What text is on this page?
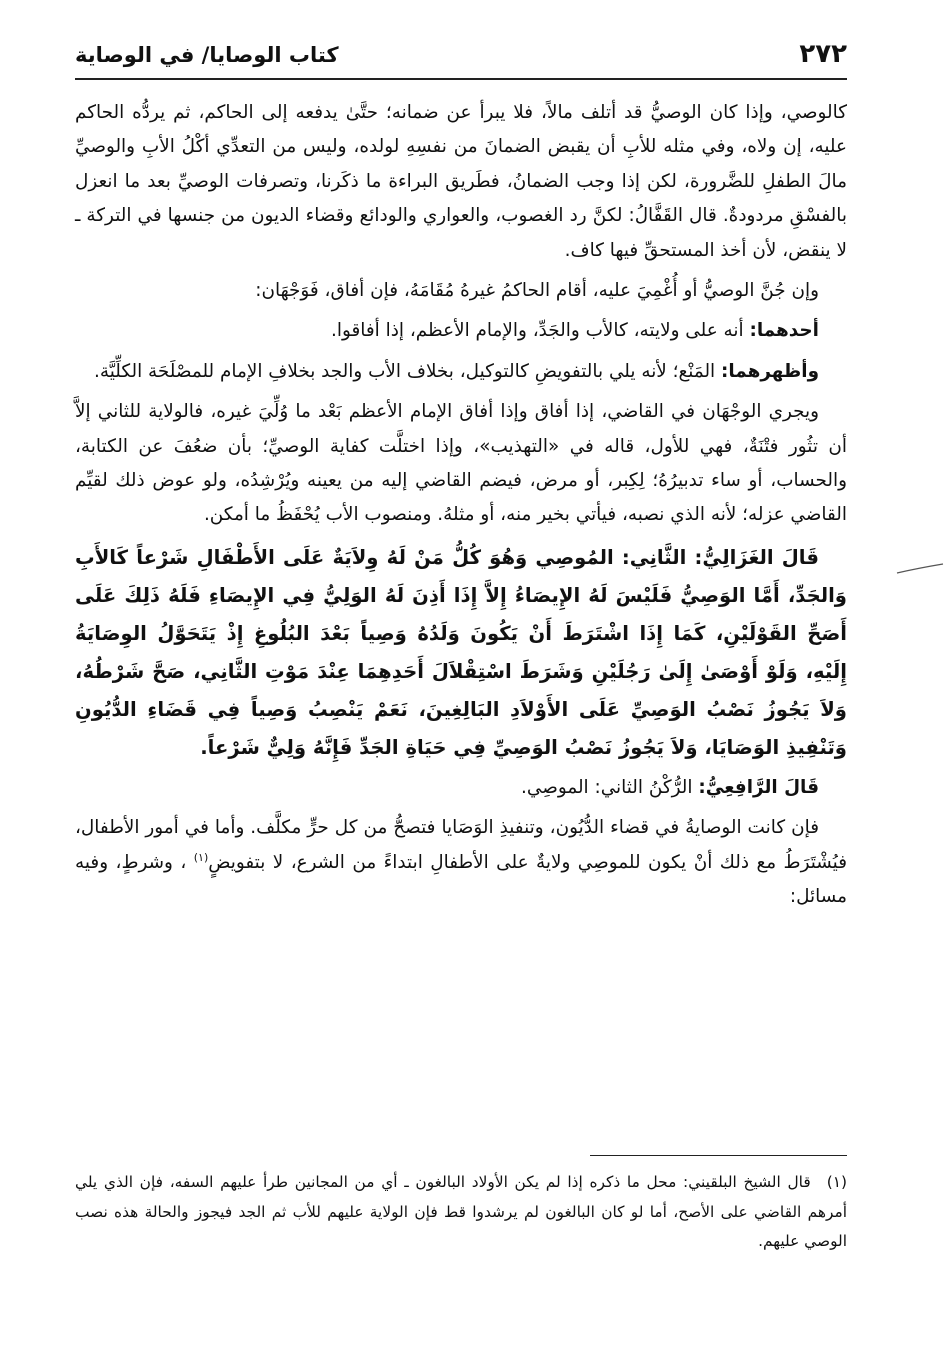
٢٧٢
كتاب الوصايا/ في الوصاية

كالوصي، وإذا كان الوصيُّ قد أتلف مالاً، فلا يبرأ عن ضمانه؛ حتَّىٰ يدفعه إلى الحاكم، ثم يردُّه الحاكم عليه، إن ولاه، وفي مثله للأبِ أن يقبض الضمانَ من نفسِهِ لولده، وليس من التعدِّي أكْلُ الأبِ والوصيِّ مالَ الطفلِ للضَّرورة، لكن إذا وجب الضمانُ، فطَريق البراءة ما ذكَرنا، وتصرفات الوصيِّ بعد ما انعزل بالفسْقِ مردودةٌ. قال القَفَّالُ: لكنَّ رد الغصوب، والعواري والودائع وقضاء الديون من جنسها في التركة ـ لا ينقض، لأن أخذ المستحقِّ فيها كاف.

وإن جُنَّ الوصيُّ أو أُغْمِيَ عليه، أقام الحاكمُ غيرهُ مُقَامَهُ، فإن أفاق، فَوَجْهَان:

أحدهما: أنه على ولايته، كالأب والجَدِّ، والإمام الأعظم، إذا أفاقوا.

وأظهرهما: المَنْع؛ لأنه يلي بالتفويضِ كالتوكيل، بخلاف الأب والجد بخلافِ الإمام للمصْلَحَة الكلِّيَّة.

ويجري الوجْهَان في القاضي، إذا أفاق وإذا أفاق الإمام الأعظم بَعْد ما وُلِّيَ غيره، فالولاية للثاني إلاَّ أن تثُور فتْنَةٌ، فهي للأول، قاله في «التهذيب»، وإذا اختلَّت كفاية الوصيِّ؛ بأن ضعُفَ عن الكتابة، والحساب، أو ساء تدبيرُهُ؛ لِكِبر، أو مرض، فيضم القاضي إليه من يعينه ويُرْشِدُه، ولو عوض ذلك لقيِّم القاضي عزله؛ لأنه الذي نصبه، فيأتي بخير منه، أو مثلهُ. ومنصوب الأب يُحْفَظُ ما أمكن.

قَالَ الغَزَالِيُّ: الثَّانِي: المُوصِي وَهُوَ كُلُّ مَنْ لَهُ وِلاَيَةٌ عَلَى الأَطْفَالِ شَرْعاً كَالأَبِ وَالجَدِّ، أَمَّا الوَصِيُّ فَلَيْسَ لَهُ الإِيصَاءُ إِلاَّ إِذَا أَذِنَ لَهُ الوَلِيُّ فِي الإِيصَاءِ فَلَهُ ذَلِكَ عَلَى أَصَحِّ القَوْلَيْنِ، كَمَا إِذَا اشْتَرَطَ أَنْ يَكُونَ وَلَدُهُ وَصِياً بَعْدَ البُلُوغِ إِذْ يَتَحَوَّلُ الوِصَايَةُ إِلَيْهِ، وَلَوْ أَوْصَىٰ إِلَىٰ رَجُلَيْنِ وَشَرَطَ اسْتِقْلاَلَ أَحَدِهِمَا عِنْدَ مَوْتِ الثَّانِي، صَحَّ شَرْطُهُ، وَلاَ يَجُوزُ نَصْبُ الوَصِيِّ عَلَى الأَوْلاَدِ البَالِغِينَ، نَعَمْ يَنْصِبُ وَصِياً فِي قَضَاءِ الدُّيُونِ وَتَنْفِيذِ الوَصَايَا، وَلاَ يَجُوزُ نَصْبُ الوَصِيِّ فِي حَيَاةِ الجَدِّ فَإِنَّهُ وَلِيٌّ شَرْعاً.

قَالَ الرَّافِعِيُّ: الرُّكْنُ الثاني: الموصِي.

فإن كانت الوصايةُ في قضاء الدُّيُون، وتنفيذِ الوَصَايا فتصحُّ من كل حرٍّ مكلَّف. وأما في أمور الأطفال، فيُشْتَرَطُ مع ذلك أنْ يكون للموصِي ولايةٌ على الأطفالِ ابتداءً من الشرع، لا بتفويضٍ$^{(١)}$ ، وشرطٍ، وفيه مسائل:

(١)قال الشيخ البلقيني: محل ما ذكره إذا لم يكن الأولاد البالغون ـ أي من المجانين طرأ عليهم السفه، فإن الذي يلي أمرهم القاضي على الأصح، أما لو كان البالغون لم يرشدوا قط فإن الولاية عليهم للأب ثم الجد فيجوز والحالة هذه نصب الوصي عليهم.
